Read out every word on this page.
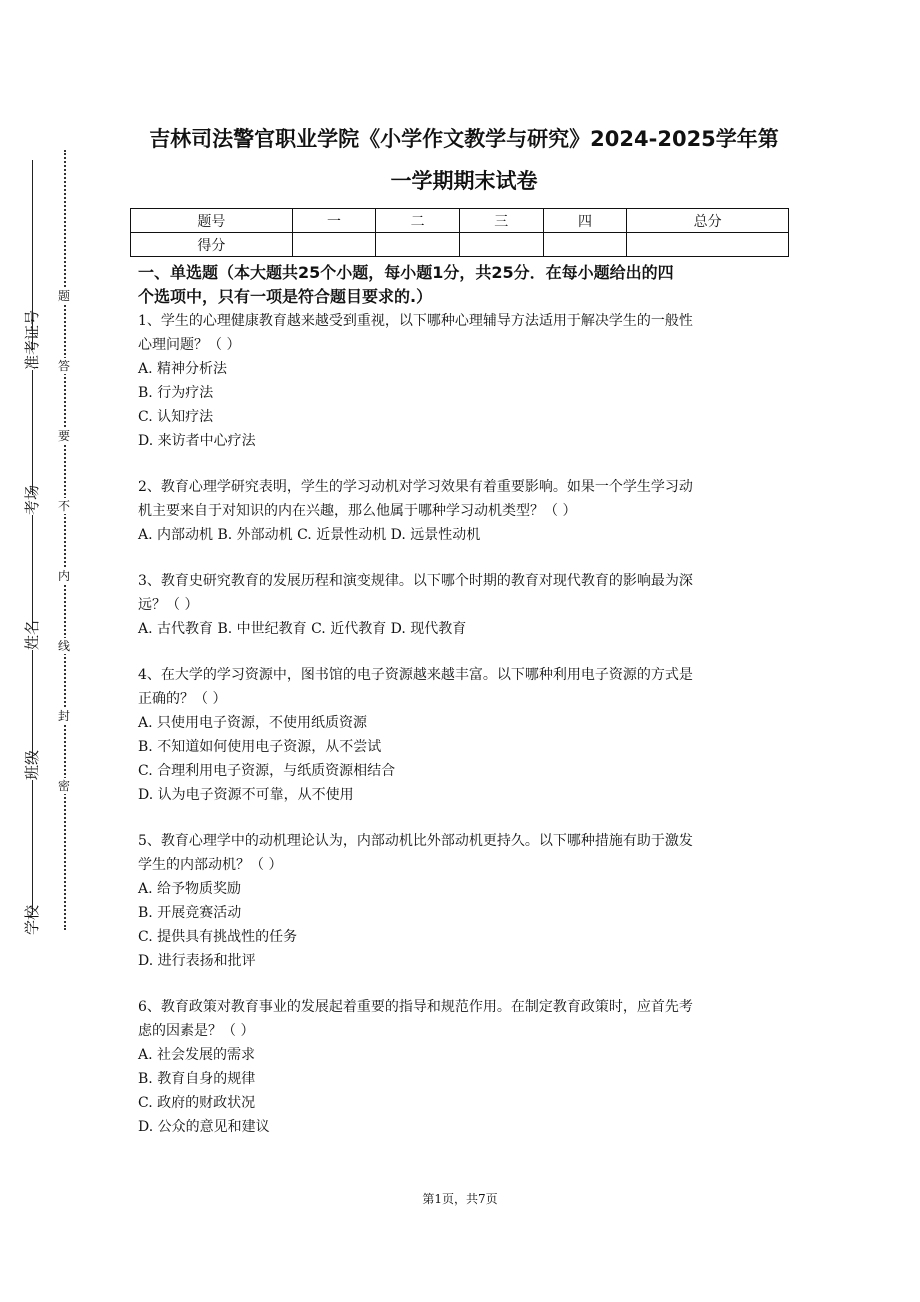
准考证号
考场
姓名
班级
学校
题
答
要
不
内
线
封
密
吉林司法警官职业学院《小学作文教学与研究》2024-2025学年第
一学期期末试卷
题号	一	二	三	四	总分
得分					
一、单选题（本大题共25个小题，每小题1分，共25分．在每小题给出的四
个选项中，只有一项是符合题目要求的.）
1、学生的心理健康教育越来越受到重视，以下哪种心理辅导方法适用于解决学生的一般性
心理问题？（ ）
A. 精神分析法
B. 行为疗法
C. 认知疗法
D. 来访者中心疗法
2、教育心理学研究表明，学生的学习动机对学习效果有着重要影响。如果一个学生学习动
机主要来自于对知识的内在兴趣，那么他属于哪种学习动机类型？（ ）
A. 内部动机 B. 外部动机 C. 近景性动机 D. 远景性动机
3、教育史研究教育的发展历程和演变规律。以下哪个时期的教育对现代教育的影响最为深
远？（ ）
A. 古代教育 B. 中世纪教育 C. 近代教育 D. 现代教育
4、在大学的学习资源中，图书馆的电子资源越来越丰富。以下哪种利用电子资源的方式是
正确的？（ ）
A. 只使用电子资源，不使用纸质资源
B. 不知道如何使用电子资源，从不尝试
C. 合理利用电子资源，与纸质资源相结合
D. 认为电子资源不可靠，从不使用
5、教育心理学中的动机理论认为，内部动机比外部动机更持久。以下哪种措施有助于激发
学生的内部动机？（ ）
A. 给予物质奖励
B. 开展竞赛活动
C. 提供具有挑战性的任务
D. 进行表扬和批评
6、教育政策对教育事业的发展起着重要的指导和规范作用。在制定教育政策时，应首先考
虑的因素是？（ ）
A. 社会发展的需求
B. 教育自身的规律
C. 政府的财政状况
D. 公众的意见和建议
第1页，共7页
